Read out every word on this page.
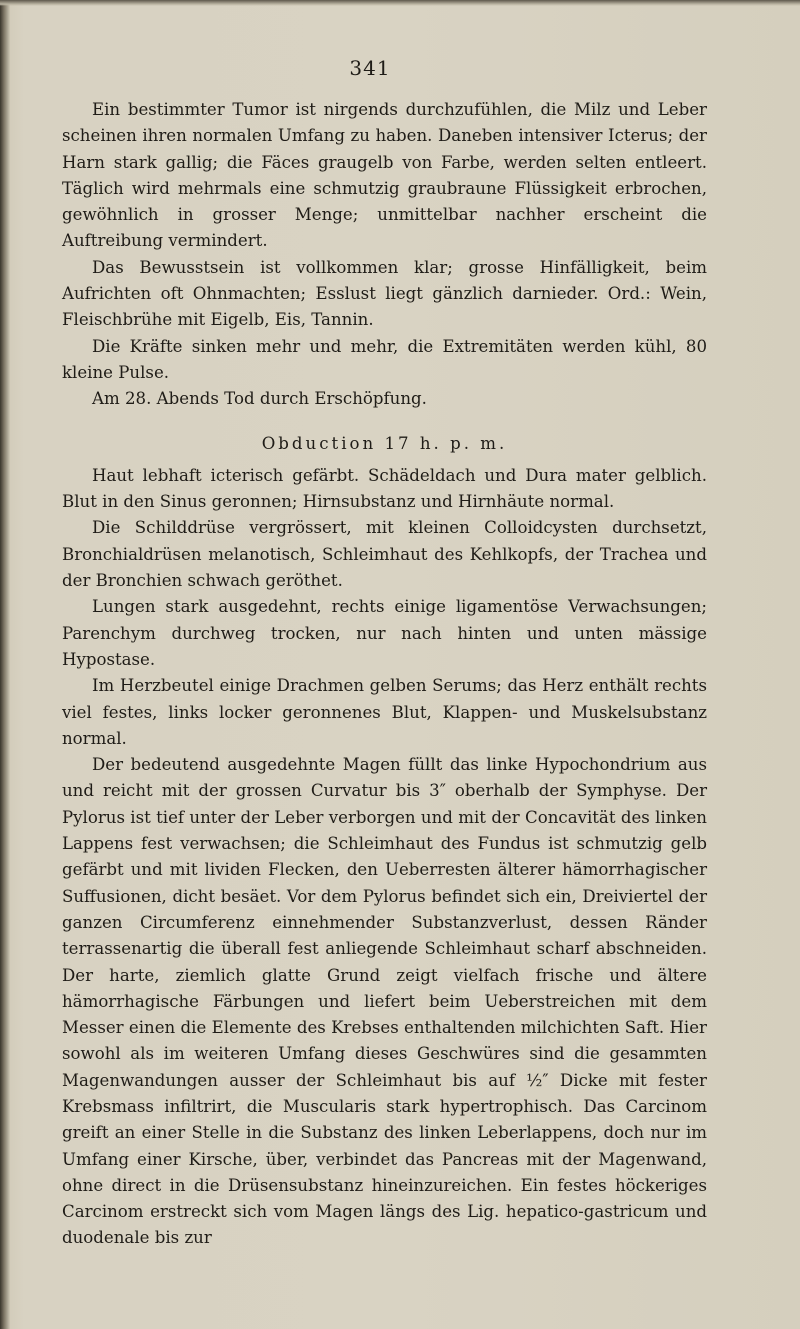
341

Ein bestimmter Tumor ist nirgends durchzufühlen, die Milz und Leber scheinen ihren normalen Umfang zu haben. Daneben intensiver Icterus; der Harn stark gallig; die Fäces graugelb von Farbe, werden selten entleert. Täglich wird mehrmals eine schmutzig graubraune Flüssigkeit erbrochen, gewöhnlich in grosser Menge; unmittelbar nachher erscheint die Auftreibung vermindert.

Das Bewusstsein ist vollkommen klar; grosse Hinfälligkeit, beim Aufrichten oft Ohnmachten; Esslust liegt gänzlich darnieder. Ord.: Wein, Fleischbrühe mit Eigelb, Eis, Tannin.

Die Kräfte sinken mehr und mehr, die Extremitäten werden kühl, 80 kleine Pulse.

Am 28. Abends Tod durch Erschöpfung.

Obduction 17 h. p. m.

Haut lebhaft icterisch gefärbt. Schädeldach und Dura mater gelblich. Blut in den Sinus geronnen; Hirnsubstanz und Hirnhäute normal.

Die Schilddrüse vergrössert, mit kleinen Colloidcysten durchsetzt, Bronchialdrüsen melanotisch, Schleimhaut des Kehlkopfs, der Trachea und der Bronchien schwach geröthet.

Lungen stark ausgedehnt, rechts einige ligamentöse Verwachsungen; Parenchym durchweg trocken, nur nach hinten und unten mässige Hypostase.

Im Herzbeutel einige Drachmen gelben Serums; das Herz enthält rechts viel festes, links locker geronnenes Blut, Klappen- und Muskelsubstanz normal.

Der bedeutend ausgedehnte Magen füllt das linke Hypochondrium aus und reicht mit der grossen Curvatur bis 3″ oberhalb der Symphyse. Der Pylorus ist tief unter der Leber verborgen und mit der Concavität des linken Lappens fest verwachsen; die Schleimhaut des Fundus ist schmutzig gelb gefärbt und mit lividen Flecken, den Ueberresten älterer hämorrhagischer Suffusionen, dicht besäet. Vor dem Pylorus befindet sich ein, Dreiviertel der ganzen Circumferenz einnehmender Substanzverlust, dessen Ränder terrassenartig die überall fest anliegende Schleimhaut scharf abschneiden. Der harte, ziemlich glatte Grund zeigt vielfach frische und ältere hämorrhagische Färbungen und liefert beim Ueberstreichen mit dem Messer einen die Elemente des Krebses enthaltenden milchichten Saft. Hier sowohl als im weiteren Umfang dieses Geschwüres sind die gesammten Magenwandungen ausser der Schleimhaut bis auf ½″ Dicke mit fester Krebsmass infiltrirt, die Muscularis stark hypertrophisch. Das Carcinom greift an einer Stelle in die Substanz des linken Leberlappens, doch nur im Umfang einer Kirsche, über, verbindet das Pancreas mit der Magenwand, ohne direct in die Drüsensubstanz hineinzureichen. Ein festes höckeriges Carcinom erstreckt sich vom Magen längs des Lig. hepatico-gastricum und duodenale bis zur
